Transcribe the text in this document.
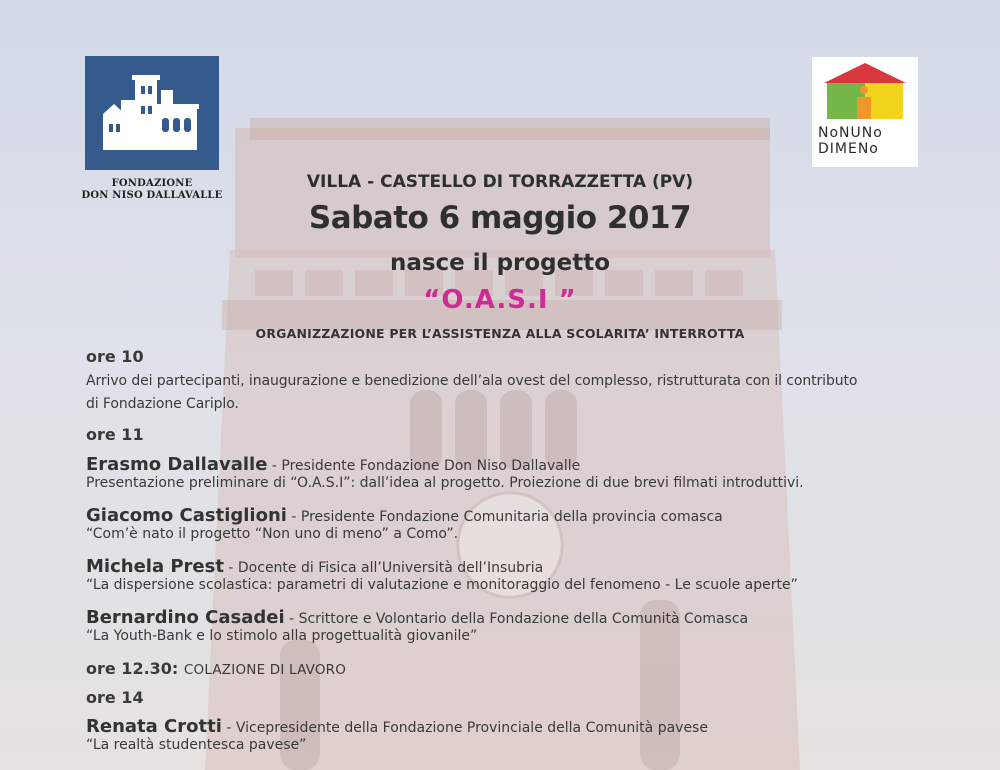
FONDAZIONE
DON NISO DALLAVALLE
NoNUNo
DIMENo
VILLA - CASTELLO DI TORRAZZETTA (PV)
Sabato 6 maggio 2017
nasce il progetto
“O.A.S.I ”
ORGANIZZAZIONE PER L’ASSISTENZA ALLA SCOLARITA’ INTERROTTA
ore 10
Arrivo dei partecipanti, inaugurazione e benedizione dell’ala ovest del complesso, ristrutturata con il contributo
di Fondazione Cariplo.
ore 11
Erasmo Dallavalle - Presidente Fondazione Don Niso Dallavalle
Presentazione preliminare di “O.A.S.I”: dall’idea al progetto. Proiezione di due brevi filmati introduttivi.
Giacomo Castiglioni - Presidente Fondazione Comunitaria della provincia comasca
“Com’è nato il progetto “Non uno di meno” a Como”.
Michela Prest - Docente di Fisica all’Università dell’Insubria
“La dispersione scolastica: parametri di valutazione e monitoraggio del fenomeno - Le scuole aperte”
Bernardino Casadei - Scrittore e Volontario della Fondazione della Comunità Comasca
“La Youth-Bank e lo stimolo alla progettualità giovanile”
ore 12.30: COLAZIONE DI LAVORO
ore 14
Renata Crotti - Vicepresidente della Fondazione Provinciale della Comunità pavese
“La realtà studentesca pavese”
